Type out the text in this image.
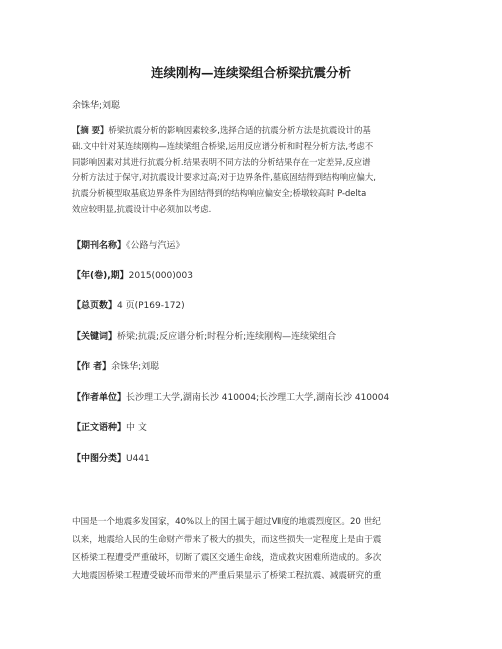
连续刚构—连续梁组合桥梁抗震分析
余铢华;刘聪
【摘 要】桥梁抗震分析的影响因素较多,选择合适的抗震分析方法是抗震设计的基
础.文中针对某连续刚构—连续梁组合桥梁,运用反应谱分析和时程分析方法,考虑不
同影响因素对其进行抗震分析.结果表明不同方法的分析结果存在一定差异,反应谱
分析方法过于保守,对抗震设计要求过高;对于边界条件,墓底固结得到结构响应偏大,
抗震分析模型取基底边界条件为固结得到的结构响应偏安全;桥墩较高时 P-delta
效应较明显,抗震设计中必须加以考虑.
【期刊名称】《公路与汽运》
【年(卷),期】2015(000)003
【总页数】4 页(P169-172)
【关键词】桥梁;抗震;反应谱分析;时程分析;连续刚构—连续梁组合
【作 者】余铢华;刘聪
【作者单位】长沙理工大学,湖南长沙 410004;长沙理工大学,湖南长沙 410004
【正文语种】中 文
【中图分类】U441
中国是一个地震多发国家，40%以上的国土属于超过Ⅶ度的地震烈度区。20 世纪
以来，地震给人民的生命财产带来了极大的损失，而这些损失一定程度上是由于震
区桥梁工程遭受严重破坏，切断了震区交通生命线，造成救灾困难所造成的。多次
大地震因桥梁工程遭受破坏而带来的严重后果显示了桥梁工程抗震、减震研究的重
